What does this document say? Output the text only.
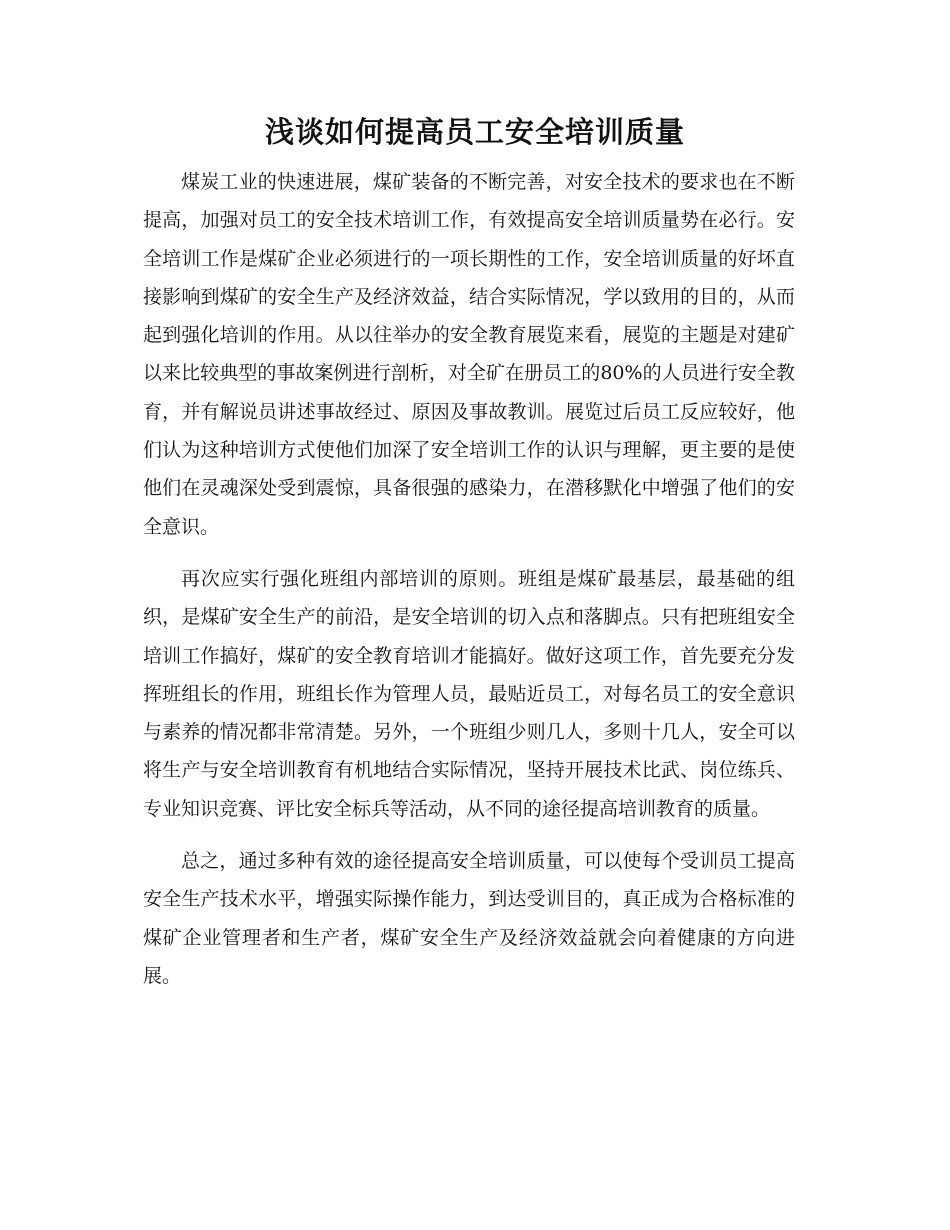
浅谈如何提高员工安全培训质量

煤炭工业的快速进展，煤矿装备的不断完善，对安全技术的要求也在不断提高，加强对员工的安全技术培训工作，有效提高安全培训质量势在必行。安全培训工作是煤矿企业必须进行的一项长期性的工作，安全培训质量的好坏直接影响到煤矿的安全生产及经济效益，结合实际情况，学以致用的目的，从而起到强化培训的作用。从以往举办的安全教育展览来看，展览的主题是对建矿以来比较典型的事故案例进行剖析，对全矿在册员工的80%的人员进行安全教育，并有解说员讲述事故经过、原因及事故教训。展览过后员工反应较好，他们认为这种培训方式使他们加深了安全培训工作的认识与理解，更主要的是使他们在灵魂深处受到震惊，具备很强的感染力，在潜移默化中增强了他们的安全意识。

再次应实行强化班组内部培训的原则。班组是煤矿最基层，最基础的组织，是煤矿安全生产的前沿，是安全培训的切入点和落脚点。只有把班组安全培训工作搞好，煤矿的安全教育培训才能搞好。做好这项工作，首先要充分发挥班组长的作用，班组长作为管理人员，最贴近员工，对每名员工的安全意识与素养的情况都非常清楚。另外，一个班组少则几人，多则十几人，安全可以将生产与安全培训教育有机地结合实际情况，坚持开展技术比武、岗位练兵、专业知识竞赛、评比安全标兵等活动，从不同的途径提高培训教育的质量。

总之，通过多种有效的途径提高安全培训质量，可以使每个受训员工提高安全生产技术水平，增强实际操作能力，到达受训目的，真正成为合格标准的煤矿企业管理者和生产者，煤矿安全生产及经济效益就会向着健康的方向进展。
